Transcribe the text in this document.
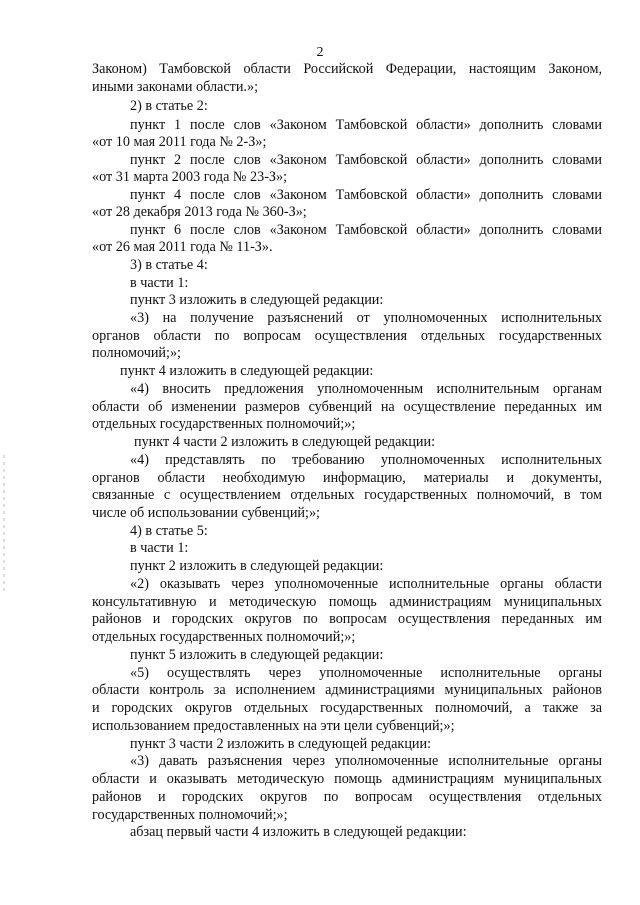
2
Законом) Тамбовской области Российской Федерации, настоящим Законом,
иными законами области.»;
2) в статье 2:
пункт 1 после слов «Законом Тамбовской области» дополнить словами
«от 10 мая 2011 года № 2-З»;
пункт 2 после слов «Законом Тамбовской области» дополнить словами
«от 31 марта 2003 года № 23-З»;
пункт 4 после слов «Законом Тамбовской области» дополнить словами
«от 28 декабря 2013 года № 360-З»;
пункт 6 после слов «Законом Тамбовской области» дополнить словами
«от 26 мая 2011 года № 11-З».
3) в статье 4:
в части 1:
пункт 3 изложить в следующей редакции:
«3) на получение разъяснений от уполномоченных исполнительных
органов области по вопросам осуществления отдельных государственных
полномочий;»;
пункт 4 изложить в следующей редакции:
«4) вносить предложения уполномоченным исполнительным органам
области об изменении размеров субвенций на осуществление переданных им
отдельных государственных полномочий;»;
пункт 4 части 2 изложить в следующей редакции:
«4) представлять по требованию уполномоченных исполнительных
органов области необходимую информацию, материалы и документы,
связанные с осуществлением отдельных государственных полномочий, в том
числе об использовании субвенций;»;
4) в статье 5:
в части 1:
пункт 2 изложить в следующей редакции:
«2) оказывать через уполномоченные исполнительные органы области
консультативную и методическую помощь администрациям муниципальных
районов и городских округов по вопросам осуществления переданных им
отдельных государственных полномочий;»;
пункт 5 изложить в следующей редакции:
«5) осуществлять через уполномоченные исполнительные органы
области контроль за исполнением администрациями муниципальных районов
и городских округов отдельных государственных полномочий, а также за
использованием предоставленных на эти цели субвенций;»;
пункт 3 части 2 изложить в следующей редакции:
«3) давать разъяснения через уполномоченные исполнительные органы
области и оказывать методическую помощь администрациям муниципальных
районов и городских округов по вопросам осуществления отдельных
государственных полномочий;»;
абзац первый части 4 изложить в следующей редакции:
